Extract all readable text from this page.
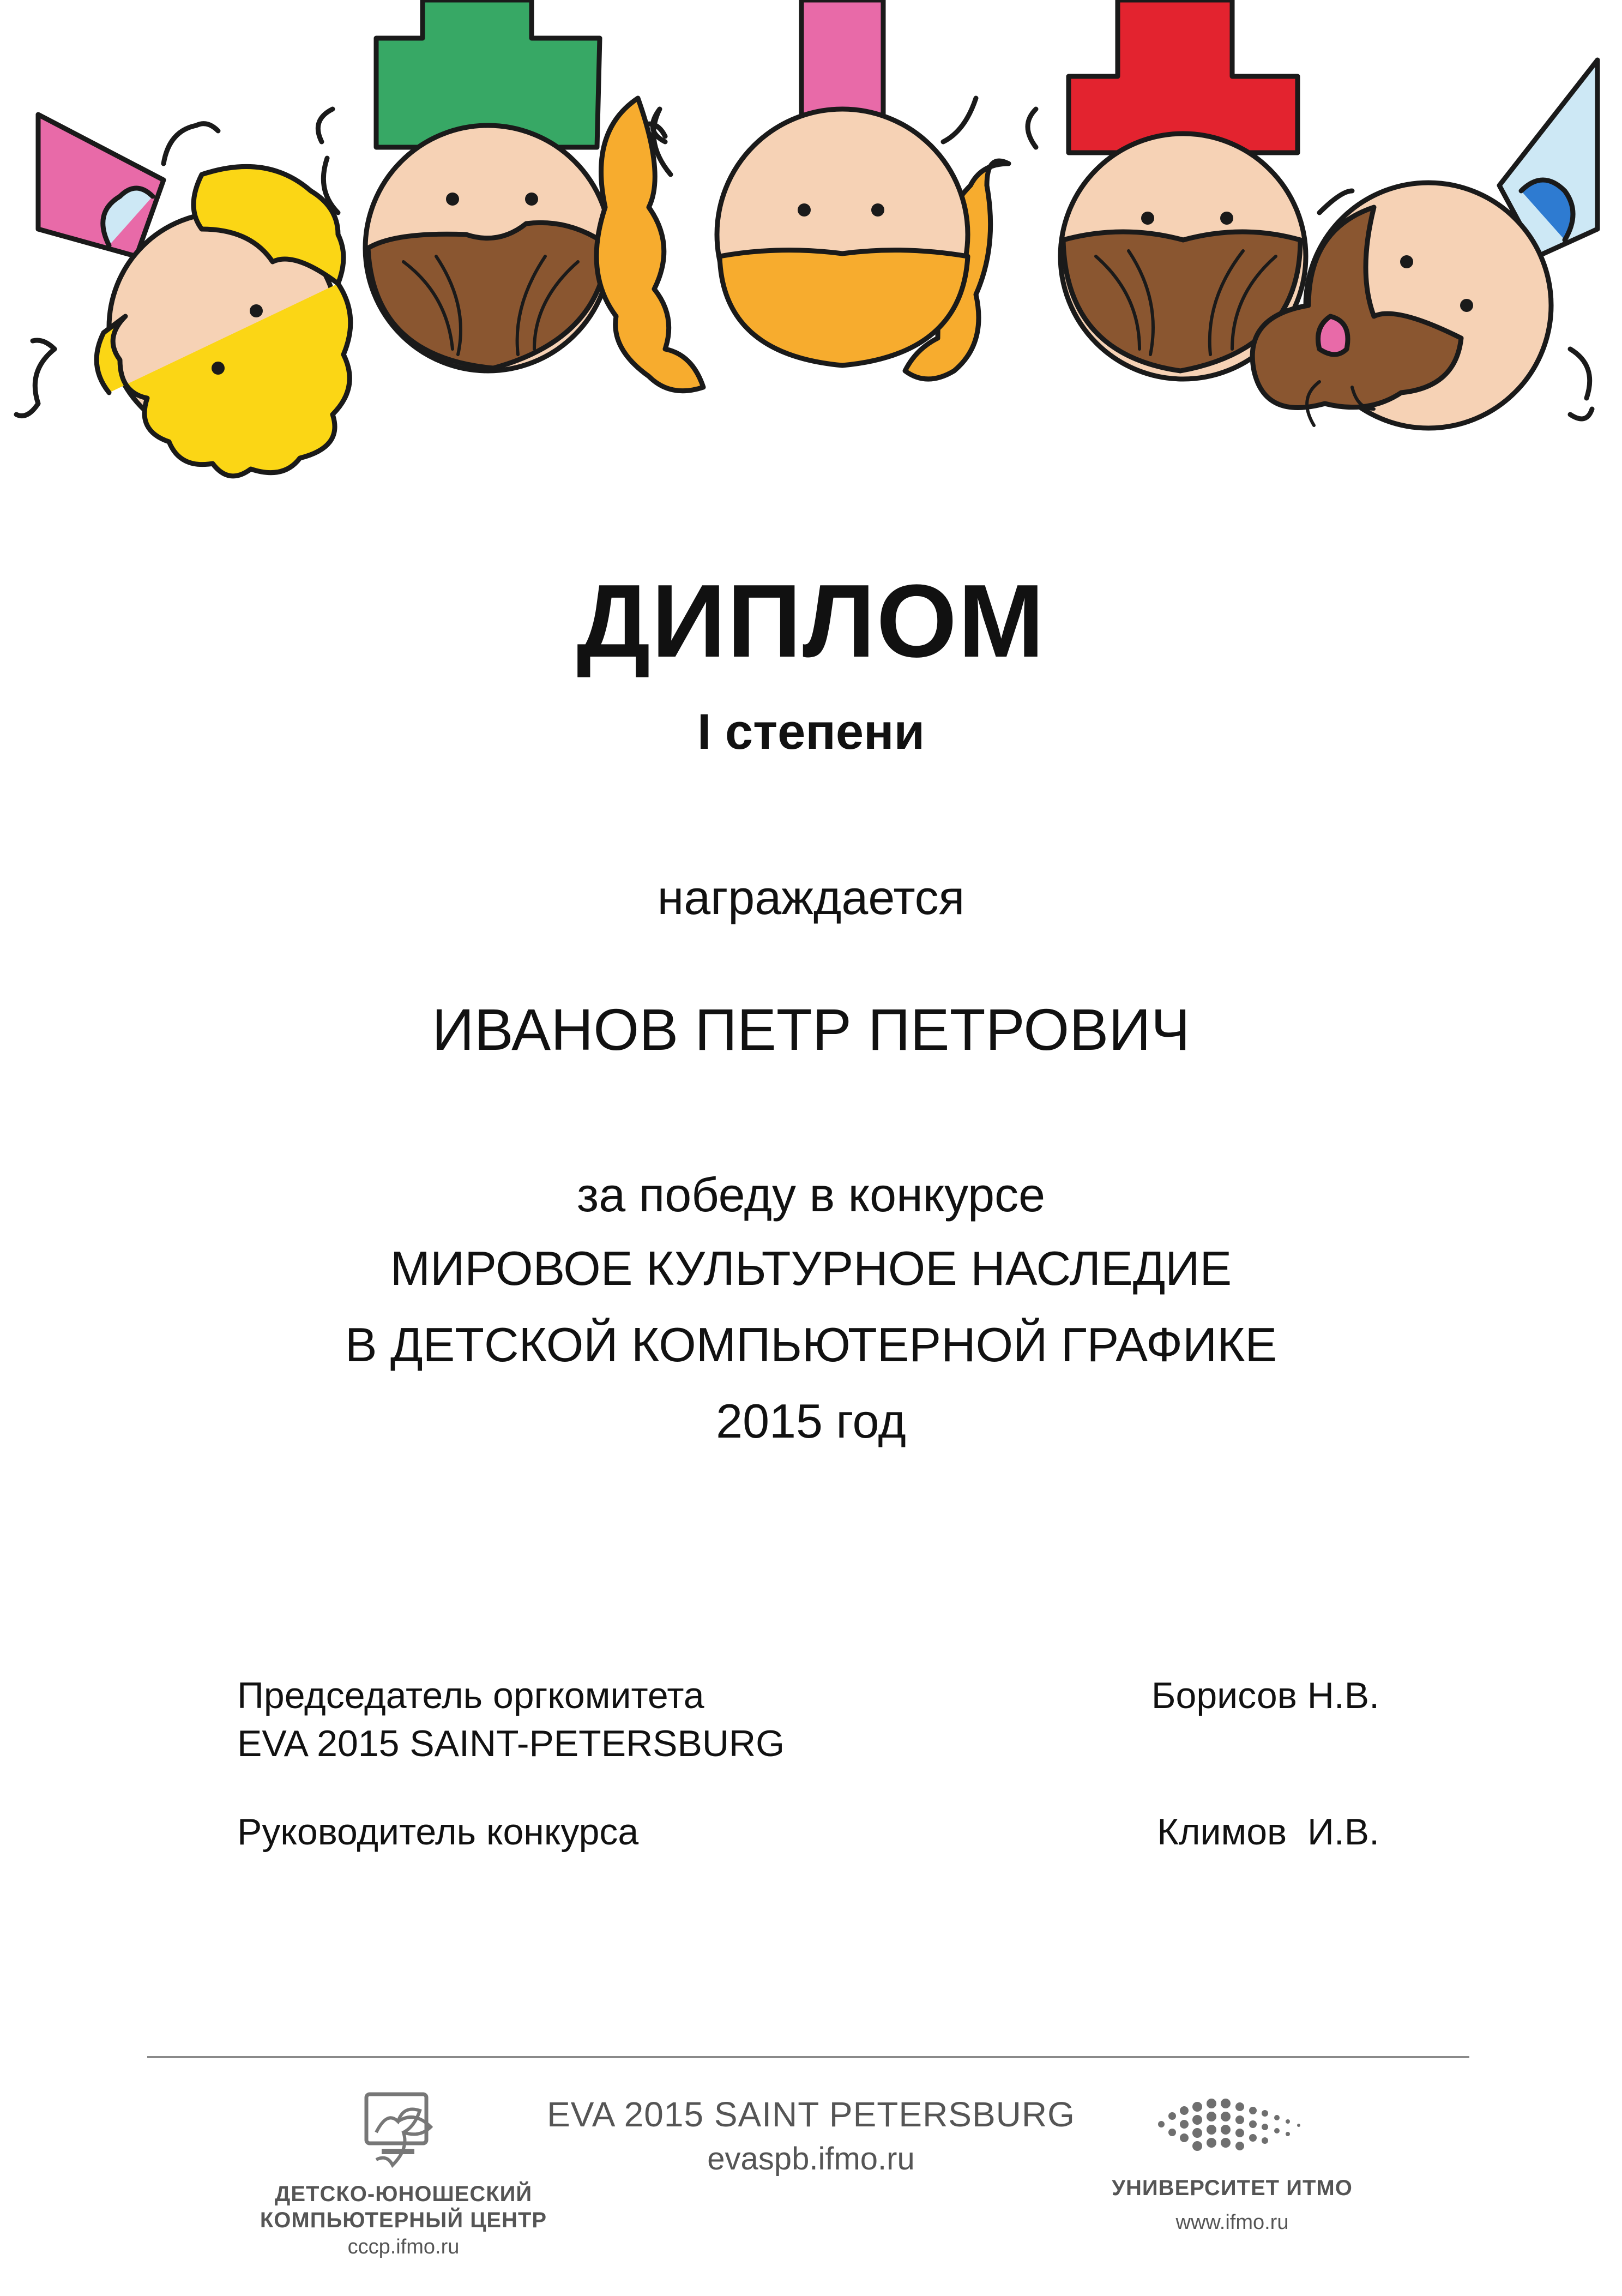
ДИПЛОМ
I степени
награждается
ИВАНОВ ПЕТР ПЕТРОВИЧ
за победу в конкурсе
МИРОВОЕ КУЛЬТУРНОЕ НАСЛЕДИЕ
В ДЕТСКОЙ КОМПЬЮТЕРНОЙ ГРАФИКЕ
2015 год
Председатель оргкомитета
EVA 2015 SAINT-PETERSBURG
Борисов Н.В.
Руководитель конкурса	Климов  И.В.
EVA 2015 SAINT PETERSBURG
evaspb.ifmo.ru
ДЕТСКО-ЮНОШЕСКИЙ
КОМПЬЮТЕРНЫЙ ЦЕНТР
cccp.ifmo.ru
УНИВЕРСИТЕТ ИТМО
www.ifmo.ru
